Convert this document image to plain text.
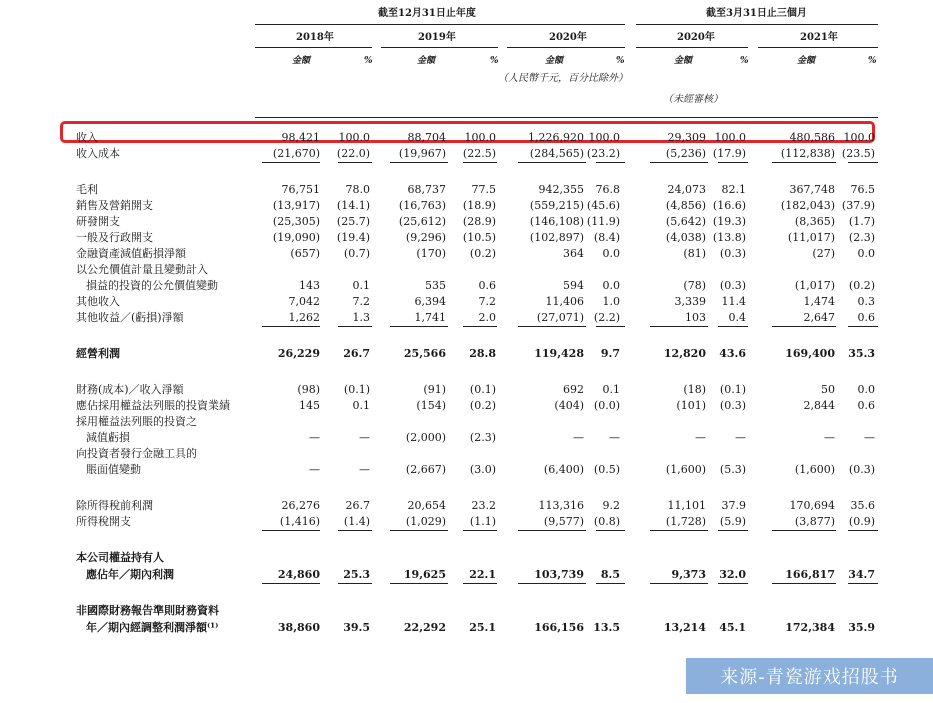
截至12月31日止年度	截至3月31日止三個月
2018年	2019年	2020年	2020年	2021年
金額	%	金額	%	金額	%	金額	%	金額	%
（人民幣千元，百分比除外）
（未經審核）
收入	98,421 100.0	88,704 100.0	1,226,920 100.0	29,309 100.0	480,586 100.0
收入成本	(21,670) (22.0)	(19,967) (22.5)	(284,565) (23.2)	(5,236) (17.9)	(112,838) (23.5)
毛利	76,751 78.0	68,737 77.5	942,355 76.8	24,073 82.1	367,748 76.5
銷售及營銷開支	(13,917) (14.1)	(16,763) (18.9)	(559,215) (45.6)	(4,856) (16.6)	(182,043) (37.9)
研發開支	(25,305) (25.7)	(25,612) (28.9)	(146,108) (11.9)	(5,642) (19.3)	(8,365) (1.7)
一般及行政開支	(19,090) (19.4)	(9,296) (10.5)	(102,897) (8.4)	(4,038) (13.8)	(11,017) (2.3)
金融資產減值虧損淨額	(657) (0.7)	(170) (0.2)	364 0.0	(81) (0.3)	(27) 0.0
以公允價值計量且變動計入
損益的投資的公允價值變動	143	0.1	535	0.6	594 0.0	(78) (0.3)	(1,017) (0.2)
其他收入	7,042	7.2	6,394	7.2	11,406 1.0	3,339 11.4	1,474 0.3
其他收益／(虧損)淨額	1,262	1.3	1,741	2.0	(27,071) (2.2)	103 0.4	2,647 0.6
經營利潤	26,229 26.7	25,566 28.8	119,428 9.7	12,820 43.6	169,400 35.3
財務(成本)／收入淨額	(98) (0.1)	(91) (0.1)	692 0.1	(18) (0.1)	50 0.0
應佔採用權益法列賬的投資業績	145	0.1	(154) (0.2)	(404) (0.0)	(101) (0.3)	2,844 0.6
採用權益法列賬的投資之
減值虧損	—	—	(2,000) (2.3)	— —	—	—	—	—
向投資者發行金融工具的
賬面值變動	—	—	(2,667) (3.0)	(6,400) (0.5)	(1,600) (5.3)	(1,600) (0.3)
除所得稅前利潤	26,276 26.7	20,654 23.2	113,316 9.2	11,101 37.9	170,694 35.6
所得稅開支	(1,416) (1.4)	(1,029) (1.1)	(9,577) (0.8)	(1,728) (5.9)	(3,877) (0.9)
本公司權益持有人
應佔年／期內利潤	24,860 25.3	19,625 22.1	103,739 8.5	9,373 32.0	166,817 34.7
非國際財務報告準則財務資料
年／期內經調整利潤淨額⁽¹⁾	38,860 39.5	22,292 25.1	166,156 13.5	13,214 45.1	172,384 35.9
来源-青瓷游戏招股书
